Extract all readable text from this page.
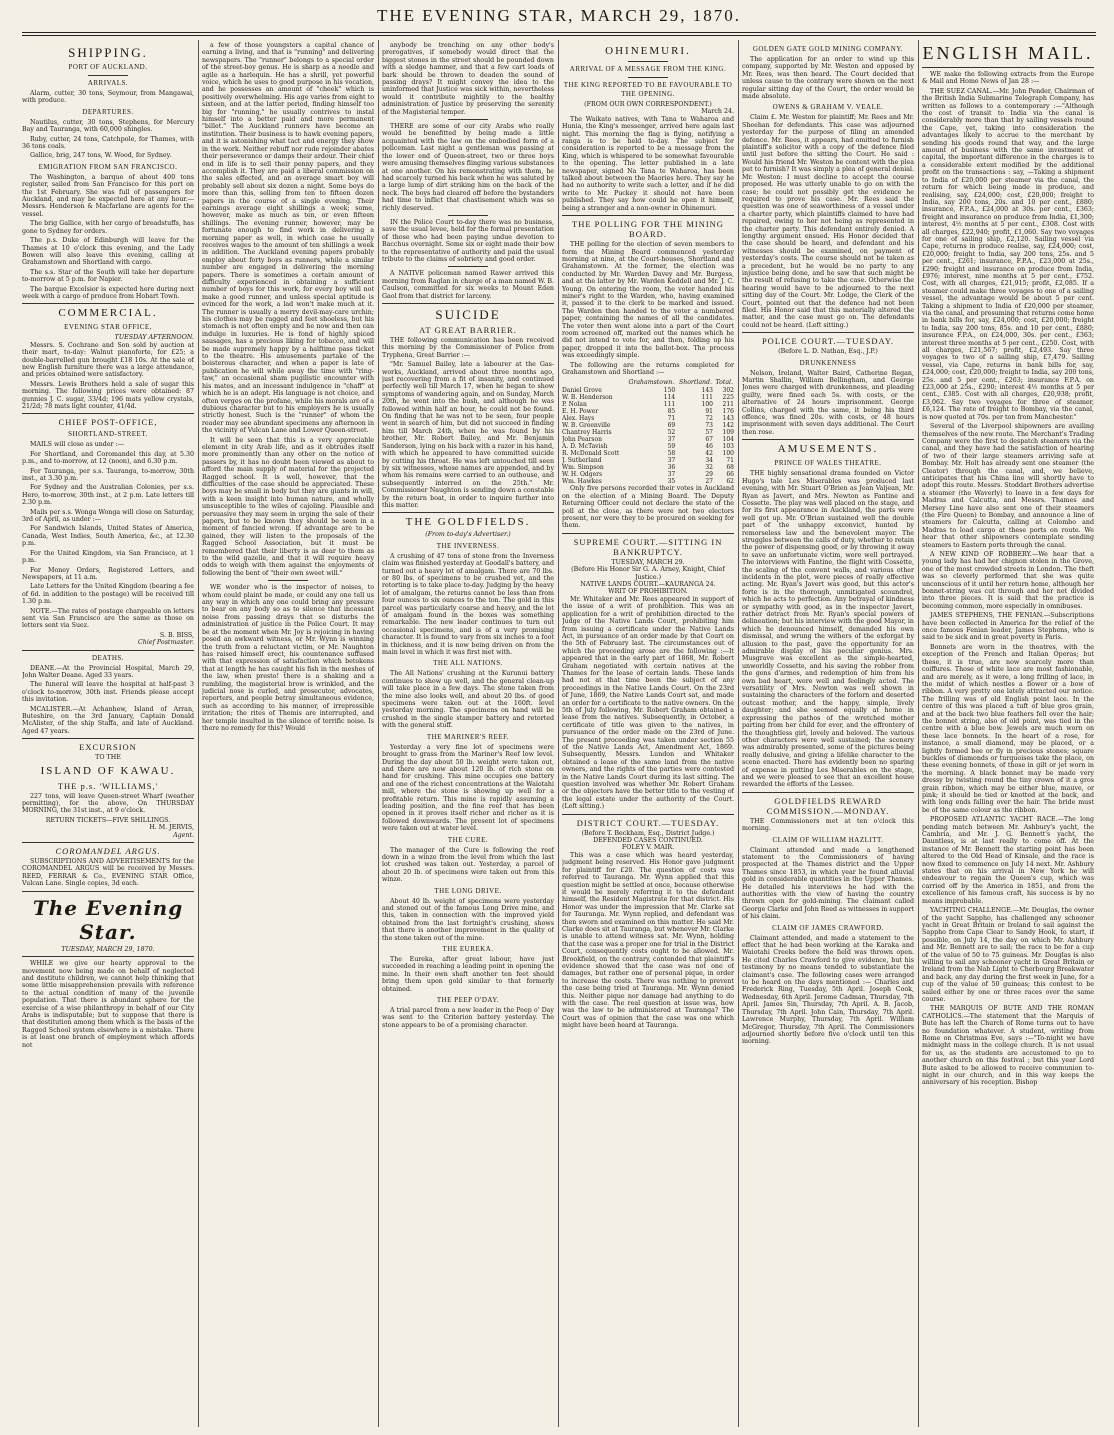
THE EVENING STAR, MARCH 29, 1870.
SHIPPING.
PORT OF AUCKLAND.
ARRIVALS.

Alarm, cutter, 30 tons, Seymour, from Mangawai, with produce.

DEPARTURES.

Nautilus, cutter, 30 tons, Stephens, for Mercury Bay and Tauranga, with 60,000 shingles.

Ruby, cutter, 24 tons, Catchpole, for Thames, with 36 tons coals.

Gallice, brig, 247 tons, W. Wood, for Sydney.

EMIGRATION FROM SAN FRANCISCO.

The Washington, a barque of about 400 tons register, sailed from San Francisco for this port on the 1st February. She was full of passengers for Auckland, and may be expected here at any hour.—Messrs. Henderson & Macfarlane are agents for the vessel.

The brig Gallice, with her cargo of breadstuffs, has gone to Sydney for orders.

The p.s. Duke of Edinburgh will leave for the Thames at 10 o'clock this evening, and the Lady Bowen will also leave this evening, calling at Grahamstown and Shortland with cargo.

The s.s. Star of the South will take her departure to-morrow at 5 p.m. for Napier.

The barque Excelsior is expected here during next week with a cargo of produce from Hobart Town.

COMMERCIAL.
EVENING STAR OFFICE,
TUESDAY AFTERNOON.

Messrs. S. Cochrane and Son sold by auction at their mart, to-day: Walnut pianoforte, for £25; a double-barrelled gun brought £18 10s. At the sale of new English furniture there was a large attendance, and prices obtained were satisfactory.

Messrs. Lewis Brothers held a sale of sugar this morning. The following prices were obtained: 87 gunnies J. C. sugar, 33/4d; 196 mats yellow crystals, 21/2d; 78 mats light counter, 41/4d.

CHIEF POST-OFFICE,
SHORTLAND-STREET.

MAILS will close as under :—

For Shortland, and Coromandel this day, at 5.30 p.m., and to-morrow, at 12 (noon), and 6.30 p.m.

For Tauranga, per s.s. Tauranga, to-morrow, 30th inst., at 3.30 p.m.

For Sydney and the Australian Colonies, per s.s. Hero, to-morrow, 30th inst., at 2 p.m. Late letters till 2.30 p.m.

Mails per s.s. Wonga Wonga will close on Saturday, 3rd of April, as under :—

For Sandwich Islands, United States of America, Canada, West Indies, South America, &c., at 12.30 p.m.

For the United Kingdom, via San Francisco, at 1 p.m.

For Money Orders, Registered Letters, and Newspapers, at 11 a.m.

Late Letters for the United Kingdom (bearing a fee of 6d. in addition to the postage) will be received till 1.30 p.m.

NOTE.—The rates of postage chargeable on letters sent via San Francisco are the same as those on letters sent via Suez.

S. B. BISS,
Chief Postmaster.
DEATHS.

DEANE.—At the Provincial Hospital, March 29, John Walter Deane. Aged 33 years.

The funeral will leave the hospital at half-past 3 o'clock to-morrow, 30th inst. Friends please accept this invitation.

MCALISTER.—At Achanhew, Island of Arran, Buteshire, on the 3rd January, Captain Donald McAlister, of the ship Staffa, and late of Auckland. Aged 47 years.

EXCURSION
TO THE
ISLAND OF KAWAU.
THE p.s. 'WILLIAMS,'

227 tons, will leave Queen-street Wharf (weather permitting), for the above, On THURSDAY MORNING, the 31st inst., at 9 o'clock.

RETURN TICKETS—FIVE SHILLINGS.
H. M. JERVIS,
Agent.
COROMANDEL ARGUS.

SUBSCRIPTIONS AND ADVERTISEMENTS for the COROMANDEL ARGUS will be received by Messrs. REED, FERRAR & Co., EVENING STAR Office, Vulcan Lane. Single copies, 3d each.

The Evening Star.
TUESDAY, MARCH 29, 1870.

WHILE we give our hearty approval to the movement now being made on behalf of neglected and destitute children, we cannot help thinking that some little misapprehension prevails with reference to the actual condition of many of the juvenile population. That there is abundant sphere for the exercise of a wise philanthropy in behalf of our City Arabs is indisputable; but to suppose that there is that destitution among them which is the basis of the Ragged School system elsewhere is a mistake. There is at least one branch of employment which affords not

a few of those youngsters a capital chance of earning a living, and that is "running" and delivering newspapers. The "runner" belongs to a special order of the street-boy genus. He is sharp as a needle and agile as a harlequin. He has a shrill, yet powerful voice, which he uses to good purpose in his vocation, and he possesses an amount of "cheek" which is positively overwhelming. His age varies from eight to sixteen, and at the latter period, finding himself too big for "running," he usually contrives to instal himself into a better paid and more permanent "billet." The Auckland runners have become an institution. Their business is to hawk evening papers, and it is astonishing what tact and energy they show in the work. Neither rebuff nor rude rejoinder abates their perseverance or damps their ardour. Their chief end in life is to sell their penny papers, and they accomplish it. They are paid a liberal commission on the sales effected, and an average smart boy will probably sell about six dozen a night. Some boys do more than this, selling from ten to fifteen dozen papers in the course of a single evening. Their earnings average eight shillings a week; some, however, make as much as ten, or even fifteen shillings. The evening runner, however, may be fortunate enough to find work in delivering a morning paper as well, in which case he usually receives wages to the amount of ten shillings a week in addition. The Auckland evening papers probably employ about forty boys as runners, while a similar number are engaged in delivering the morning papers. There is sometimes a certain amount of difficulty experienced in obtaining a sufficient number of boys for this work, for every boy will not make a good runner, and unless special aptitude is evinced for the work, a lad won't make much at it. The runner is usually a merry devil-may-care urchin; his clothes may be ragged and feet shoeless, but his stomach is not often empty and he now and then can indulge in luxuries. He is fond of highly spiced sausages, has a precious liking for tobacco, and will be made supremely happy by a halftime pass ticket to the theatre. His amusements partake of the boisterous character, and when a paper is late of publication he will while away the time with "ring-taw," an occasional sham pugilistic encounter with his mates, and an incessant indulgence in "chaff" at which he is an adept. His language is not choice, and often verges on the profane, while his morals are of a dubious character but to his employers he is usually strictly honest. Such is the "runner" of whom the reader may see abundant specimens any afternoon in the vicinity of Vulcan Lane and Lower Queen-street.

It will be seen that this is a very appreciable element in city Arab life, and as it obtrudes itself more prominently than any other on the notice of passers by, it has no doubt been viewed as about to afford the main supply of material for the projected Ragged school. It is well, however, that the difficulties of the case should be appreciated. These boys may be small in body but they are giants in will, with a keen insight into human nature, and wholly unsusceptible to the wiles of cajoling. Plausible and persuasive they may seem in urging the sale of their papers, but to be known they should be seen in a moment of fancied wrong. If advantage are to be gained, they will listen to the proposals of the Ragged School Association, but it must be remembered that their liberty is as dear to them as to the wild gazelle, and that it will require heavy odds to weigh with them against the enjoyments of following the bent of "their own sweet will."

WE wonder who is the inspector of noises, to whom could plaint be made, or could any one tell us any way in which any one could bring any pressure to bear on any body so as to silence that incessant noise from passing drays that so disturbs the administration of justice in the Police Court. It may be at the moment when Mr. Joy is rejoicing in having posed an awkward witness, or Mr. Wynn is winning the truth from a reluctant victim, or Mr. Naughton has raised himself erect, his countenance suffused with that expression of satisfaction which betokens that at length he has caught his fish in the meshes of the law, when presto! there is a shaking and a rumbling, the magisterial brow is wrinkled, and the judicial nose is curled, and prosecutor, advocates, reporters, and people betray simultaneous evidence, such as according to his manner, of irrepressible irritation; the rites of Themis are interrupted, and her temple insulted in the silence of terrific noise. Is there no remedy for this? Would

anybody be trenching on any other body's prerogatives, if somebody would direct that the biggest stones in the street should be pounded down with a sledge hammer, and that a few cart loads of bark should be thrown to deaden the sound of passing drays? It might convey the idea to the uninformed that Justice was sick within, nevertheless would it contribute mightily to the healthy administration of Justice by preserving the serenity of the Magisterial temper.

THERE are some of our city Arabs who really would be benefitted by being made a little acquainted with the law on the embodied form of a policeman. Last night a gentleman was passing at the lower end of Queen-street, two or three boys were amusing themselves flinging various substances at one another. On his remonstrating with them, he had scarcely turned his back when he was saluted by a large lump of dirt striking him on the back of the neck. The boys had cleared off before the bystanders had time to inflict that chastisement which was so richly deserved.

IN the Police Court to-day there was no business, save the usual levee, held for the formal presentation of those who had been paying undue devotion to Bacchus overnight. Some six or eight made their bow to the representative of authority and paid the usual tribute to the claims of sobriety and good order.

A NATIVE policeman named Rawer arrived this morning from Raglan in charge of a man named W. B. Caulson, committed for six weeks to Mount Eden Gaol from that district for larceny.

SUICIDE
AT GREAT BARRIER.

THE following communication has been received this morning by the Commissioner of Police from Tryphena, Great Barrier :—

"Mr. Samuel Bailey, late a labourer at the Gas-works, Auckland, arrived about three months ago, just recovering from a fit of insanity, and continued perfectly well till March 17, when he began to show symptoms of wandering again, and on Sunday, March 20th, he went into the bush, and although he was followed within half an hour, he could not be found. On finding that he was not to be seen, four people went in search of him, but did not succeed in finding him till March 24th, when he was found by his brother, Mr. Robert Bailey, and Mr. Benjamin Sanderson, lying on his back with a razor in his hand, with which he appeared to have committed suicide by cutting his throat. He was left untouched till seen by six witnesses, whose names are appended, and by whom his remains were carried to an outhouse, and subsequently interred on the 25th." Mr. Commissioner Naughton is sending down a constable by the return boat, in order to inquire further into this matter.

THE GOLDFIELDS.
(From to-day's Advertiser.)
THE INVERNESS.

A crushing of 47 tons of stone from the Inverness claim was finished yesterday at Goodall's battery, and turned out a heavy lot of amalgam. There are 70 lbs. or 80 lbs. of specimens to be crushed yet, and the retorting is to take place to-day. Judging by the heavy lot of amalgam, the returns cannot be less than from four ounces to six ounces to the ton. The gold in this parcel was particularly coarse and heavy, and the lot of amalgam found in the boxes was something remarkable. The new leader continues to turn out occasional specimens, and is of a very promising character. It is found to vary from six inches to a foot in thickness, and it is now being driven on from the main level in which it was first met with.

THE ALL NATIONS.

The All Nations' crushing at the Kurunui battery continues to show up well, and the general clean-up will take place in a few days. The stone taken from the mine also looks well, and about 20 lbs. of good specimens were taken out at the 160ft. level yesterday morning. The specimens on hand will be crushed in the single stamper battery and retorted with the general stuff.

THE MARINER'S REEF.

Yesterday a very fine lot of specimens were brought to grass from the Mariner's Reef low level. During the day about 50 lb. weight were taken out, and there are now about 120 lb. of rich stone on hand for crushing. This mine occupies one battery and one of the richest concentrations at the Waiotahi mill, where the stone is showing up well for a profitable return. This mine is rapidly assuming a leading position, and the fine reef that has been opened in it proves itself richer and richer as it is followed downwards. The present lot of specimens were taken out at water level.

THE CURE.

The manager of the Cure is following the reef down in a winze from the level from which the last lot crushed was taken out. Yesterday, a parcel of about 20 lb. of specimens were taken out from this winze.

THE LONG DRIVE.

About 40 lb. weight of specimens were yesterday and stoned out of the famous Long Drive mine, and this, taken in connection with the improved yield obtained from the last fortnight's crushing, shows that there is another improvement in the quality of the stone taken out of the mine.

THE EUREKA.

The Eureka, after great labour, have just succeeded in reaching a leading point in opening the mine. In their own shaft another ten feet should bring them upon gold similar to that formerly obtained.

THE PEEP O'DAY.

A trial parcel from a new leader in the Peep o' Day was sent to the Criterion battery yesterday. The stone appears to be of a promising character.

OHINEMURI.
ARRIVAL OF A MESSAGE FROM THE KING.
THE KING REPORTED TO BE FAVOURABLE TO THE OPENING.
(FROM OUR OWN CORRESPONDENT.)
March 24.

The Waikato natives, with Tana te Waharoa and Hunia, the King's messenger, arrived here again last night. This morning the flag is flying, notifying a ranga is to be held to-day. The subject for consideration is reported to be a message from the King, which is whispered to be somewhat favourable to the opening. The letter published in a late newspaper, signed Na Tana te Waharoa, has been talked about between the Maories here. They say he had no authority to write such a letter, and if he did write to Mr. Puckey it should not have been published. They say how could he open it himself, being a stranger and a non-owner in Ohinemuri.

THE POLLING FOR THE MINING BOARD.

THE polling for the election of seven members to form the Mining Board commenced yesterday morning at nine, at the Court-houses, Shortland and Grahamstown. At the former, the election was conducted by Mr. Warden Davey and Mr. Burgess, and at the latter by Mr. Warden Keddell and Mr. J. C. Young. On entering the room, the voter handed his miner's right to the Warden, who, having examined it, passed it to the clerk to be marked and issued. The Warden then handed to the voter a numbered paper, containing the names of all the candidates. The voter then went alone into a part of the Court room screened off, marked out the names which he did not intend to vote for, and then, folding up his paper, dropped it into the ballot-box. The process was exceedingly simple.

The following are the returns completed for Grahamstown and Shortland :—

	Grahamstown.	Shortland.	Total.
Daniel Grove	150	143	302
W. B. Henderson	114	111	225
P. Nolan	111	100	211
E. H. Power	85	91	176
Alex. Hays	71	72	143
W. B. Greenville	69	73	142
Chantrey Harris	52	57	109
John Pearson	37	67	104
A. D. McTavish	59	46	103
R. McDonald Scott	58	42	100
J. Sutherland	37	34	71
Wm. Simpson	36	32	68
W. H. Odgers	37	29	66
Wm. Hawkes	35	27	62

Only five persons recorded their votes in Auckland on the election of a Mining Board. The Deputy Returning Officer could not declare the state of the poll at the close, as there were not two electors present, nor were they to be procured on seeking for them.

SUPREME COURT.—SITTING IN BANKRUPTCY.
TUESDAY, MARCH 29.
(Before His Honor Sir G. A. Arney, Knight, Chief Justice.)
NATIVE LANDS COURT.—KAURANGA 24.
WRIT OF PROHIBITION.

Mr. Whitaker and Mr. Rees appeared in support of the issue of a writ of prohibition. This was an application for a writ of prohibition directed to the Judge of the Native Lands Court, prohibiting him from issuing a certificate under the Native Lands Act, in pursuance of an order made by that Court on the 5th of February last. The circumstances out of which the proceeding arose are the following :—It appeared that in the early part of 1868, Mr. Robert Graham negotiated with certain natives at the Thames for the lease of certain lands. These lands had not at that time been the subject of any proceedings in the Native Lands Court. On the 23rd of June, 1869, the Native Lands Court sat, and made an order for a certificate to the native owners. On the 5th of July following, Mr. Robert Graham obtained a lease from the natives. Subsequently, in October, a certificate of title was given to the natives, in pursuance of the order made on the 23rd of June. The present proceeding was taken under section 55 of the Native Lands Act, Amendment Act, 1869. Subsequently, Messrs. Lundon and Whitaker obtained a lease of the same land from the native owners, and the rights of the parties were contested in the Native Lands Court during its last sitting. The question involved was whether Mr. Robert Graham or the objectors have the better title to the vesting of the legal estate under the authority of the Court. (Left sitting.)

DISTRICT COURT.—TUESDAY.
(Before T. Beckham, Esq., District Judge.)
DEFENDED CASES CONTINUED.
FOLEY V. MAIR.

This was a case which was heard yesterday, judgment being reserved. His Honor gave judgment for plaintiff for £20. The question of costs was referred to Tauranga. Mr. Wynn applied that this question might be settled at once, because otherwise it would be merely referring it to the defendant himself, the Resident Magistrate for that district. His Honor was under the impression that Mr. Clarke sat for Tauranga. Mr. Wynn replied, and defendant was then sworn and examined on this matter. He said Mr. Clarke does sit at Tauranga, but whenever Mr. Clarke is unable to attend witness sat. Mr. Wynn, holding that the case was a proper one for trial in the District Court, consequently costs ought to be allowed. Mr. Brookfield, on the contrary, contended that plaintiff's evidence showed that the case was not one of damages, but rather one of personal pique, in order to increase the costs. There was nothing to prevent the case being tried at Tauranga. Mr. Wynn denied this. Neither pique nor damage had anything to do with the case. The real question at issue was, how was the law to be administered at Tauranga? The Court was of opinion that the case was one which might have been heard at Tauranga.

ENGLISH MAIL.

WE make the following extracts from the Europe & Mail and Home News of Jan 28 :—

THE SUEZ CANAL.—Mr. John Pender, Chairman of the British India Submarine Telegraph Company, has written as follows to a contemporary :—"Although the cost of transit to India via the canal is considerably more than that by sailing vessels round the Cape, yet, taking into consideration the advantages likely to accrue to the merchant by sending his goods round that way, and the large amount of business with the same investment of capital, the important difference in the charges is to a considerable extent modified by the additional profit on the transactions : say, —Taking a shipment to India of £20,000 per steamer via the canal, the return for which being made in produce, and realising, say, £24,000; cost, £20,000; freight to India, say 200 tons, 20s. and 10 per cent., £880; insurance, F.P.A., £24,000 at 30s. per cent., £363; freight and insurance on produce from India, £1,300; interest, 4½ months at 5 per cent., £308. Cost with all charges, £22,940; profit, £1,060. Say two voyages for one of sailing ship, £2,120. Sailing vessel via Cape, returns in produce realise, say, £24,000; cost, £20,000; freight to India, say 200 tons, 25s. and 5 per cent., £261; insurance, F.P.A., £23,000 at 25s., £290; freight and insurance on produce from India, £976; interest, nine months at 5 per cent., £752. Cost, with all charges, £21,915; profit, £2,085. If a steamer could make three voyages to one of a sailing vessel, the advantage would be about 5 per cent. Taking a shipment to India of £20,000 per steamer, via the canal, and presuming that returns come home in bank bills for, say, £24,000; cost, £20,000; freight to India, say 200 tons, 85s. and 10 per cent., £880; insurance F.P.A., on £24,000, 30s. per cent., £363; interest three months at 5 per cent., £250. Cost, with all charges, £21,567; profit, £2,493. Say three voyages to two of a sailing ship, £7,479. Sailing vessel, via Cape, returns in bank bills for, say, £24,000; cost, £20,000; freight to India, say 200 tons, 25s. and 5 per cent., £263; insurance F.P.A. on £23,000 at 25s., £290; interest 4½ months at 5 per cent., £385. Cost with all charges, £20,938; profit, £3,062. Say two voyages for three of steamer, £6,124. The rate of freight to Bombay, via the canal, is now quoted at 70s. per ton from Manchester."

Several of the Liverpool shipowners are availing themselves of the new route. The Merchant's Trading Company were the first to despatch steamers via the canal, and they have had the satisfaction of hearing of two of their large steamers arriving safe at Bombay. Mr. Holt has already sent one steamer (the Cleator) through the canal, and, we believe, anticipates that his China line will shortly have to adopt this route. Messrs. Stoddart Brothers advertise a steamer (the Waverly) to leave in a few days for Madras and Calcutta, and Messrs. Thames and Mersey Line have also sent one of their steamers (the Fire Queen) to Bombay, and announce a line of steamers for Calcutta, calling at Colombo and Madras to load cargo at these ports on route. We hear that other shipowners contemplate sending steamers to Eastern ports through the canal.

A NEW KIND OF ROBBERY.—We hear that a young lady has had her chignon stolen in the Grove, one of the most crowded streets in London. The theft was so cleverly performed that she was quite unconscious of it until her return home, although her bonnet-string was cut through and her net divided into three pieces. It is said that the practice is becoming common, more especially in omnibuses.

JAMES STEPHENS, THE FENIAN.—Subscriptions have been collected in America for the relief of the once famous Fenian leader, James Stephens, who is said to be sick and in great poverty in Paris.

Bonnets are worn in the theatres, with the exception of the French and Italian Operas; but these, it is true, are now scarcely more than coiffures. Those of white lace are most fashionable, and are merely, as it were, a long frilling of lace, in the midst of which nestles a flower or a bow of ribbon. A very pretty one lately attracted our notice. The frilling was of old English point lace. In the centre of this was placed a tuft of blue gros grain, and at the back two blue feathers fell over the hair; the bonnet string, also of old point, was tied in the centre with a blue bow. Jewels are much worn on these lace bonnets. In the heart of a rose, for instance, a small diamond, may be placed, or a lightly formed bee or fly in precious stones; square buckles of diamonds or turquoises take the place, on these evening bonnets, of those in gilt or jet worn in the morning. A black bonnet may be made very dressy by twisting round the tiny crown of it a gros grain ribbon, which may be either blue, mauve, or pink; it should be tied or knotted at the back, and with long ends falling over the hair. The bride must be of the same colour as the ribbon.

PROPOSED ATLANTIC YACHT RACE.—The long pending match between Mr. Ashbury's yacht, the Cambria, and Mr. J. G. Bennett's yacht, the Dauntless, is at last really to come off. At the instance of Mr. Bennett the starting point has been altered to the Old Head of Kinsale, and the race is now fixed to commence on July 14 next. Mr. Ashbury states that on his arrival in New York he will endeavour to regain the Queen's cup, which was carried off by the America in 1851, and from the excellence of his famous craft, his success is by no means improbable.

YACHTING CHALLENGE.—Mr. Douglas, the owner of the yacht Sappho, has challenged any schooner yacht in Great Britain or Ireland to sail against the Sappho from Cape Clear to Sandy Hook, to start, if possible, on July 14, the day on which Mr. Ashbury and Mr. Bennett are to sail; the race to be for a cup of the value of 50 to 75 guineas. Mr. Douglas is also willing to sail any schooner yacht in Great Britain or Ireland from the Nab Light to Cherbourg Breakwater and back, any day during the first week in June, for a cup of the value of 50 guineas; this contest to be sailed either by one or three races over the same course.

THE MARQUIS OF BUTE AND THE ROMAN CATHOLICS.—The statement that the Marquis of Bute has left the Church of Rome turns out to have no foundation whatever. A student, writing from Rome on Christmas Eve, says :—"To-night we have midnight mass in the college church. It is not usual for us, as the students are accustomed to go to another church on this festival ; but this year Lord Bute asked to be allowed to receive communion to-night in our church, and in this way keeps the anniversary of his reception. Bishop

GOLDEN GATE GOLD MINING COMPANY.

The application for an order to wind up this company, supported by Mr. Weston and opposed by Mr. Rees, was then heard. The Court decided that unless cause to the contrary were shown on the next regular sitting day of the Court, the order would be made absolute.

OWENS & GRAHAM V. VEALE.

Claim £. Mr. Weston for plaintiff; Mr. Rees and Mr. Sheehan for defendants. This case was adjourned yesterday for the purpose of filing an amended defence. Mr. Rees, it appears, had omitted to furnish plaintiff's solicitor with a copy of the defence filed until just before the sitting the Court. He said : Would his friend Mr. Weston be content with the plea put to furnish? It was simply a plea of general denial. Mr. Weston: I must decline to accept the course proposed. He was utterly unable to go on with the case; he could not possibly get the evidence he required to prove his case. Mr. Rees said the question was one of seaworthiness of a vessel under a charter party, which plaintiffs claimed to have had repaired, owing to her not being as represented in the charter party. This defendant entirely denied. A lengthy argument ensued. His Honor decided that the case should be heard, and defendant and his witnesses should be examined, on payment of yesterday's costs. The course should not be taken as a precedent, but he would be no party to any injustice being done, and he saw that such might be the result of refusing to take the case. Otherwise the hearing would have to be adjourned to the next sitting day of the Court. Mr. Lodge, the Clerk of the Court, pointed out that the defence had not been filed. His Honor said that this materially altered the matter, and the case must go on. The defendants could not be heard. (Left sitting.)

POLICE COURT.—TUESDAY.
(Before L. D. Nathan, Esq., J.P.)
DRUNKENNESS

Nelson, Ireland, Walter Baird, Catherine Regan, Martin Shallin, William Bellingham, and George Jones were charged with drunkenness, and pleading guilty, were fined each 5s. with costs, or the alternative of 24 hours imprisonment. George Collins, charged with the same, it being his third offence, was fined 20s. with costs, or 48 hours imprisonment with seven days additional. The Court then rose.

AMUSEMENTS.
PRINCE OF WALES THEATRE.

THE highly sensational drama founded on Victor Hugo's tale Les Miserables was produced last evening, with Mr. Stuart O'Brien as Jean Valjean, Mr. Ryan as Javert, and Mrs. Newton as Fantine and Cossette. The play was well placed on the stage, and for its first appearance in Auckland, the parts were well got up. Mr. O'Brian sustained well the double part of the unhappy exconvict, hunted by remorseless law and the benevolent mayor. The struggles between the calls of duty, whether to retain the power of dispensing good, or by throwing it away to save an unfortunate victim, were well portrayed. The interviews with Fantine, the flight with Cossette, the scaling of the convent walls, and various other incidents in the plot, were pieces of really effective acting. Mr. Ryan's Javert was good, but this actor's forte is in the thorough, unmitigated scoundrel, which he acts to perfection. Any betrayal of kindness or sympathy with good, as in the inspector Javert, rather detract from Mr. Ryan's special powers of delineation; but his interview with the good Mayor, in which he denounced himself, demanded his own dismissal, and wrung the withers of the exforgat by allusion to the past, gave the opportunity for an admirable display of his peculiar genius. Mrs. Musgrave was excellent as the simple-hearted, unworldly Cossette, and his saving the robber from the gens d'armes, and redemption of him from his own bad heart, were well and feelingly acted. The versatility of Mrs. Newton was well shown in sustaining the characters of the forlorn and deserted outcast mother, and the happy, simple, lively daughter; and she seemed equally at home in expressing the pathos of the wretched mother parting from her child for ever, and the effrontery of the thoughtless girl, lovely and beloved. The various other characters were well sustained; the scenery was admirably presented, some of the pictures being really delusive, and giving a lifelike character to the scene enacted. There has evidently been no sparing of expense in putting Les Miserables on the stage, and we were pleased to see that an excellent house rewarded the efforts of the Lessee.

GOLDFIELDS REWARD COMMISSION.—MONDAY.

THE Commissioners met at ten o'clock this morning.

CLAIM OF WILLIAM HAZLITT.

Claimant attended and made a lengthened statement to the Commissioners of having prospected at the Thames district and the Upper Thames since 1853, in which year he found alluvial gold in considerable quantities in the Upper Thames. He detailed his interviews he had with the authorities with the view of having the country thrown open for gold-mining. The claimant called George Clarke and John Reed as witnesses in support of his claim.

CLAIM OF JAMES CRAWFORD.

Claimant attended, and made a statement to the effect that he had been working at the Karaka and Waiotahi Creeks before the field was thrown open. He cited Charles Crawford to give evidence, but his testimony by no means tended to substantiate the claimant's case. The following cases were arranged to be heard on the days mentioned :— Charles and Frederick Ring, Tuesday, 5th April. Joseph Cook, Wednesday, 6th April. Jerome Cadman, Thursday, 7th April. James Sin, Thursday, 7th April. A. B. Jacob, Thursday, 7th April. John Cain, Thursday, 7th April. Lawrence Murphy, Thursday, 7th April. William McGregor, Thursday, 7th April. The Commissioners adjourned shortly before five o'clock until ten this morning.
